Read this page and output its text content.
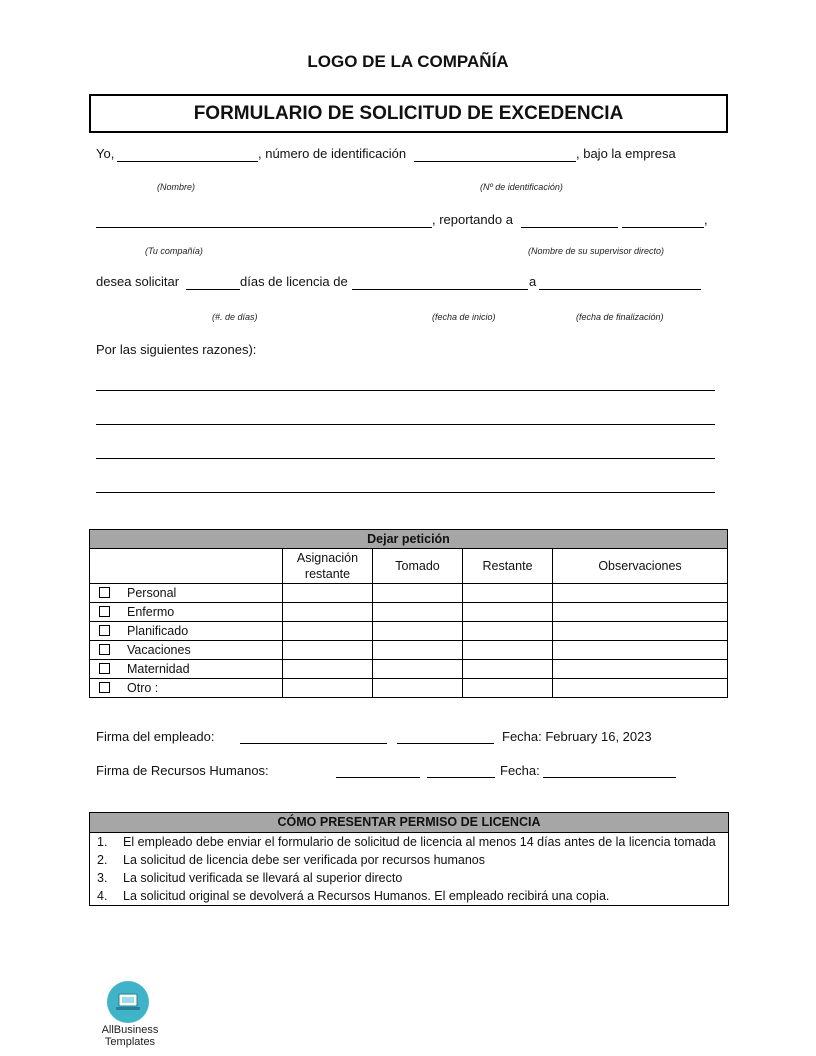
LOGO DE LA COMPAÑÍA
FORMULARIO DE SOLICITUD DE EXCEDENCIA
Yo,	, número de identificación	, bajo la empresa
(Nombre)	(Nº de identificación)
, reportando a	,
(Tu compañía)	(Nombre de su supervisor directo)
desea solicitar	días de licencia de	a
(#. de días)	(fecha de inicio)	(fecha de finalización)
Por las siguientes razones):
Dejar petición				
	Asignación restante	Tomado	Restante	Observaciones
Personal				
Enfermo				
Planificado				
Vacaciones				
Maternidad				
Otro :				
Firma del empleado:	Fecha: February 16, 2023
Firma de Recursos Humanos:	Fecha:
CÓMO PRESENTAR PERMISO DE LICENCIA
1.	El empleado debe enviar el formulario de solicitud de licencia al menos 14 días antes de la licencia tomada
2.	La solicitud de licencia debe ser verificada por recursos humanos
3.	La solicitud verificada se llevará al superior directo
4.	La solicitud original se devolverá a Recursos Humanos. El empleado recibirá una copia.
AllBusiness
Templates
